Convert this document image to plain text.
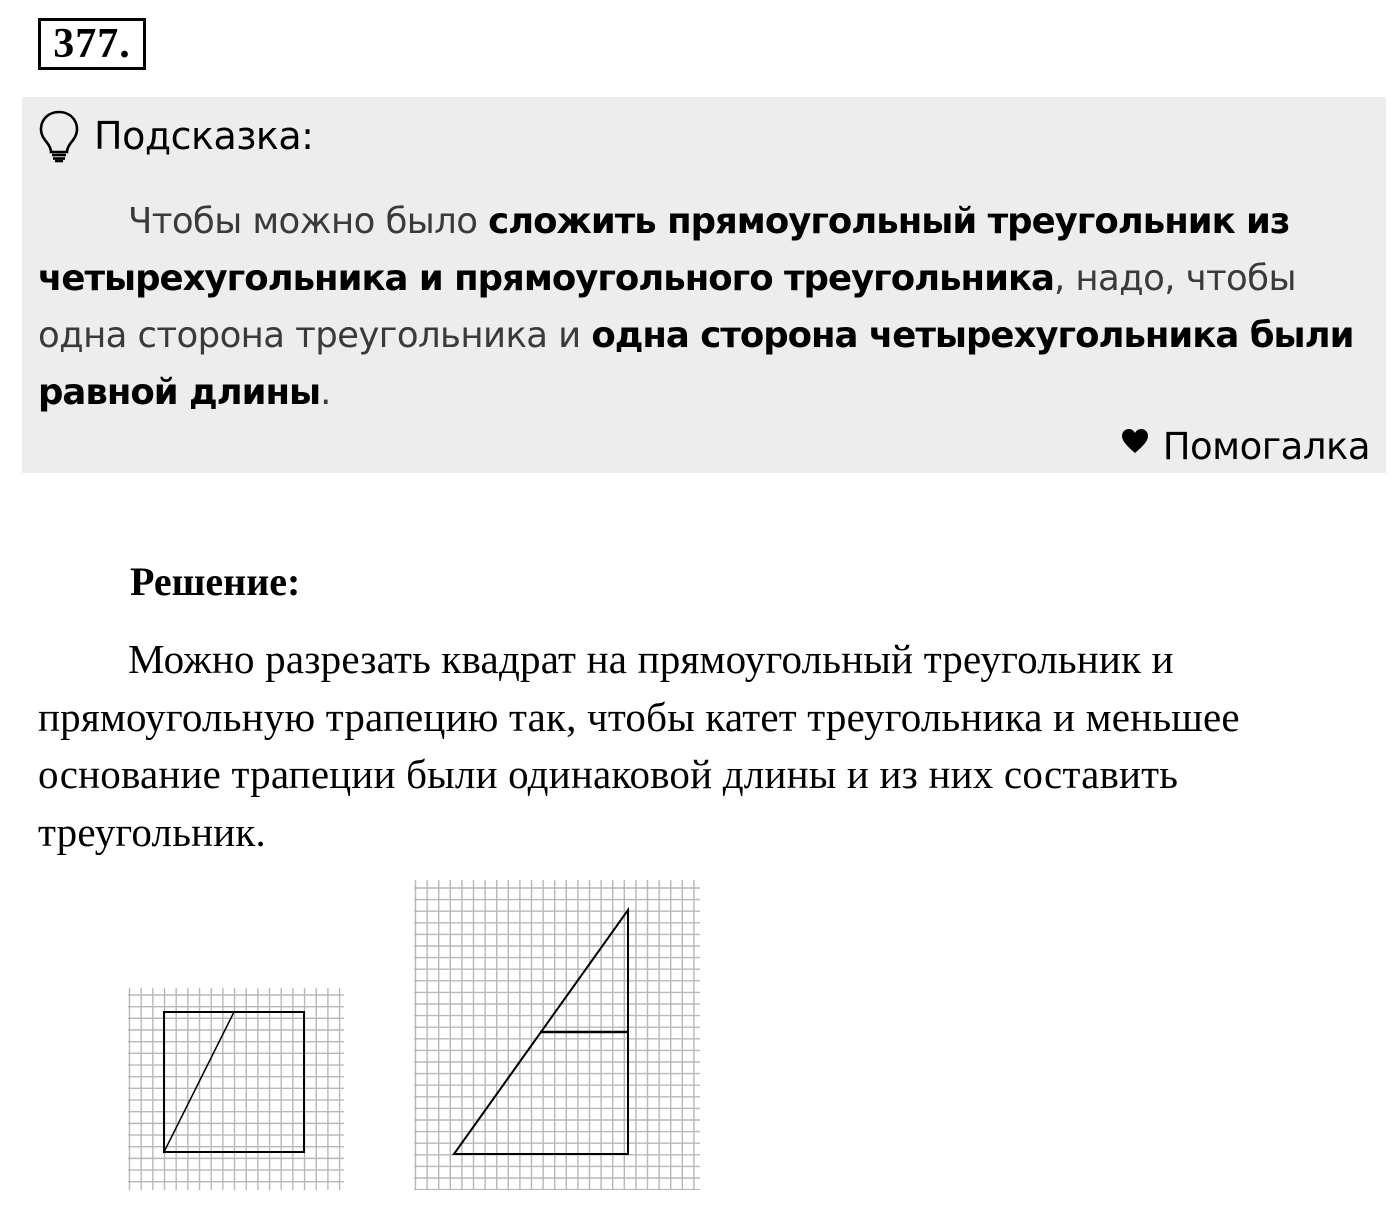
377.
Подсказка:

Чтобы можно было сложить прямоугольный треугольник из четырехугольника и прямоугольного треугольника, надо, чтобы одна сторона треугольника и одна сторона четырехугольника были равной длины.

Помогалка
Решение:

Можно разрезать квадрат на прямоугольный треугольник и прямоугольную трапецию так, чтобы катет треугольника и меньшее основание трапеции были одинаковой длины и из них составить треугольник.
